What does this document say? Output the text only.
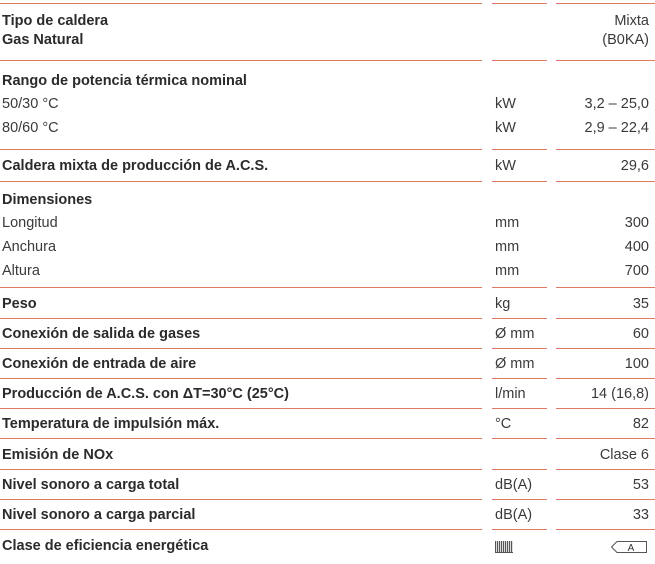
Tipo de caldera	Mixta
Gas Natural	(B0KA)
Rango de potencia térmica nominal
50/30 °C	kW	3,2 – 25,0
80/60 °C	kW	2,9 – 22,4
Caldera mixta de producción de A.C.S.	kW	29,6
Dimensiones
Longitud	mm	300
Anchura	mm	400
Altura	mm	700
Peso	kg	35
Conexión de salida de gases	Ø mm	60
Conexión de entrada de aire	Ø mm	100
Producción de A.C.S. con ΔT=30°C (25°C)	l/min	14 (16,8)
Temperatura de impulsión máx.	°C	82
Emisión de NOx	Clase 6
Nivel sonoro a carga total	dB(A)	53
Nivel sonoro a carga parcial	dB(A)	33
Clase de eficiencia energética	A
